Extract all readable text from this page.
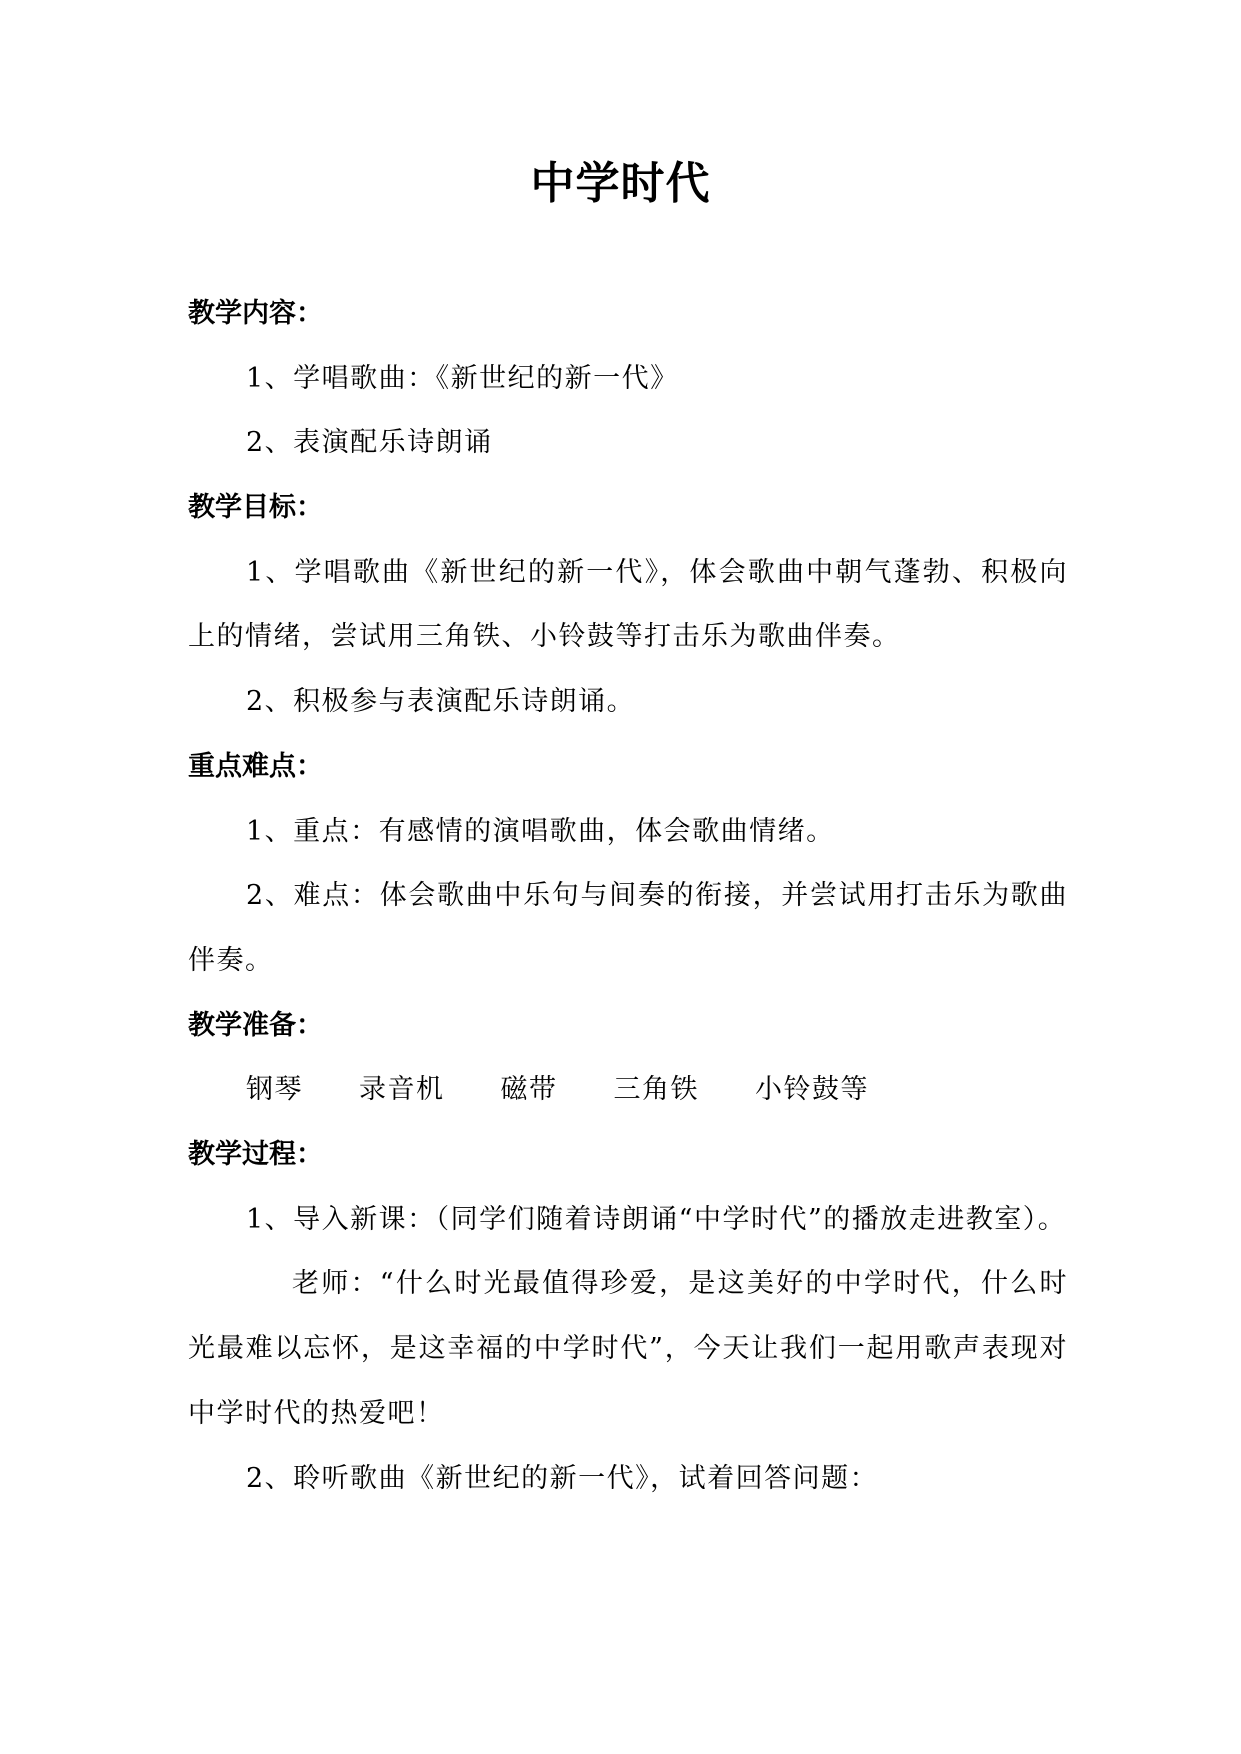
中学时代
教学内容：

1、学唱歌曲：《新世纪的新一代》

2、表演配乐诗朗诵

教学目标：

1、学唱歌曲《新世纪的新一代》，体会歌曲中朝气蓬勃、积极向上的情绪，尝试用三角铁、小铃鼓等打击乐为歌曲伴奏。

2、积极参与表演配乐诗朗诵。

重点难点：

1、重点：有感情的演唱歌曲，体会歌曲情绪。

2、难点：体会歌曲中乐句与间奏的衔接，并尝试用打击乐为歌曲伴奏。

教学准备：
钢琴 录音机 磁带 三角铁 小铃鼓等
教学过程：

1、导入新课：（同学们随着诗朗诵“中学时代”的播放走进教室）。

老师：“什么时光最值得珍爱，是这美好的中学时代，什么时光最难以忘怀，是这幸福的中学时代”，今天让我们一起用歌声表现对中学时代的热爱吧！

2、聆听歌曲《新世纪的新一代》，试着回答问题：
